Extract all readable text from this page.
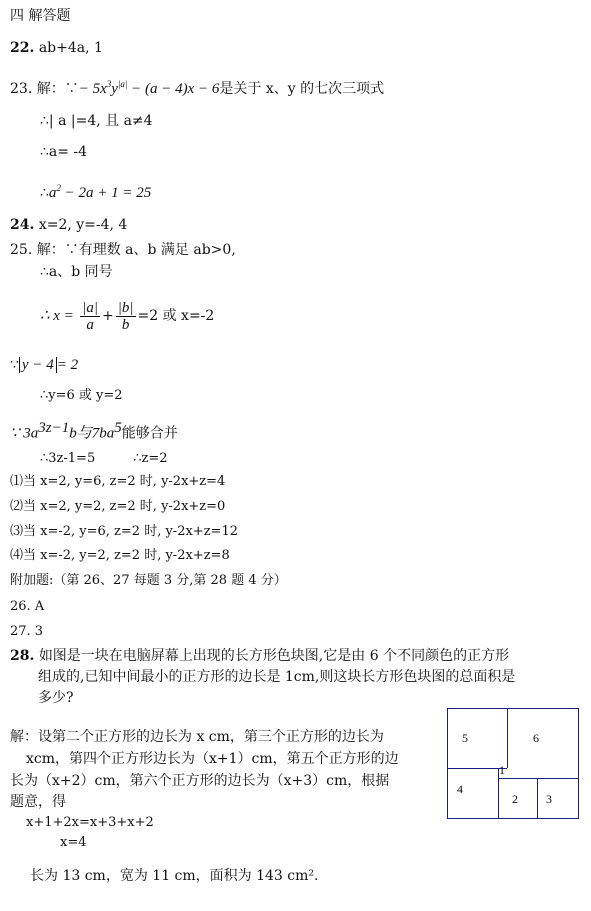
四 解答题
22. ab+4a, 1
23. 解：∵− $5x^3y^{|a|} - (a - 4)x - 6$是关于 x、y 的七次三项式
∴| a |=4, 且 a≠4
∴a= -4
$\therefore a^2 - 2a + 1 = 25$
24. x=2, y=-4, 4
25. 解：∵有理数 a、b 满足 ab>0,
∴a、b 同号
∴ $x = \frac{|a|}{a} + \frac{|b|}{b} =2$ 或 x=-2
∵ y − 4 = 2
∴y=6 或 y=2
∵ $3a^{3z-1}b$与$7ba^5$能够合并
∴3z-1=5	∴z=2
⑴当 x=2, y=6, z=2 时, y-2x+z=4
⑵当 x=2, y=2, z=2 时, y-2x+z=0
⑶当 x=-2, y=6, z=2 时, y-2x+z=12
⑷当 x=-2, y=2, z=2 时, y-2x+z=8
附加题:（第 26、27 每题 3 分,第 28 题 4 分）
26. A
27. 3
28. 如图是一块在电脑屏幕上出现的长方形色块图,它是由 6 个不同颜色的正方形
组成的,已知中间最小的正方形的边长是 1cm,则这块长方形色块图的总面积是
多少?
解：设第二个正方形的边长为 x cm，第三个正方形的边长为
xcm，第四个正方形边长为（x+1）cm，第五个正方形的边
长为（x+2）cm，第六个正方形的边长为（x+3）cm，根据
题意，得
x+1+2x=x+3+x+2
x=4
长为 13 cm，宽为 11 cm，面积为 143 cm².
5	6
1
4
2 3
